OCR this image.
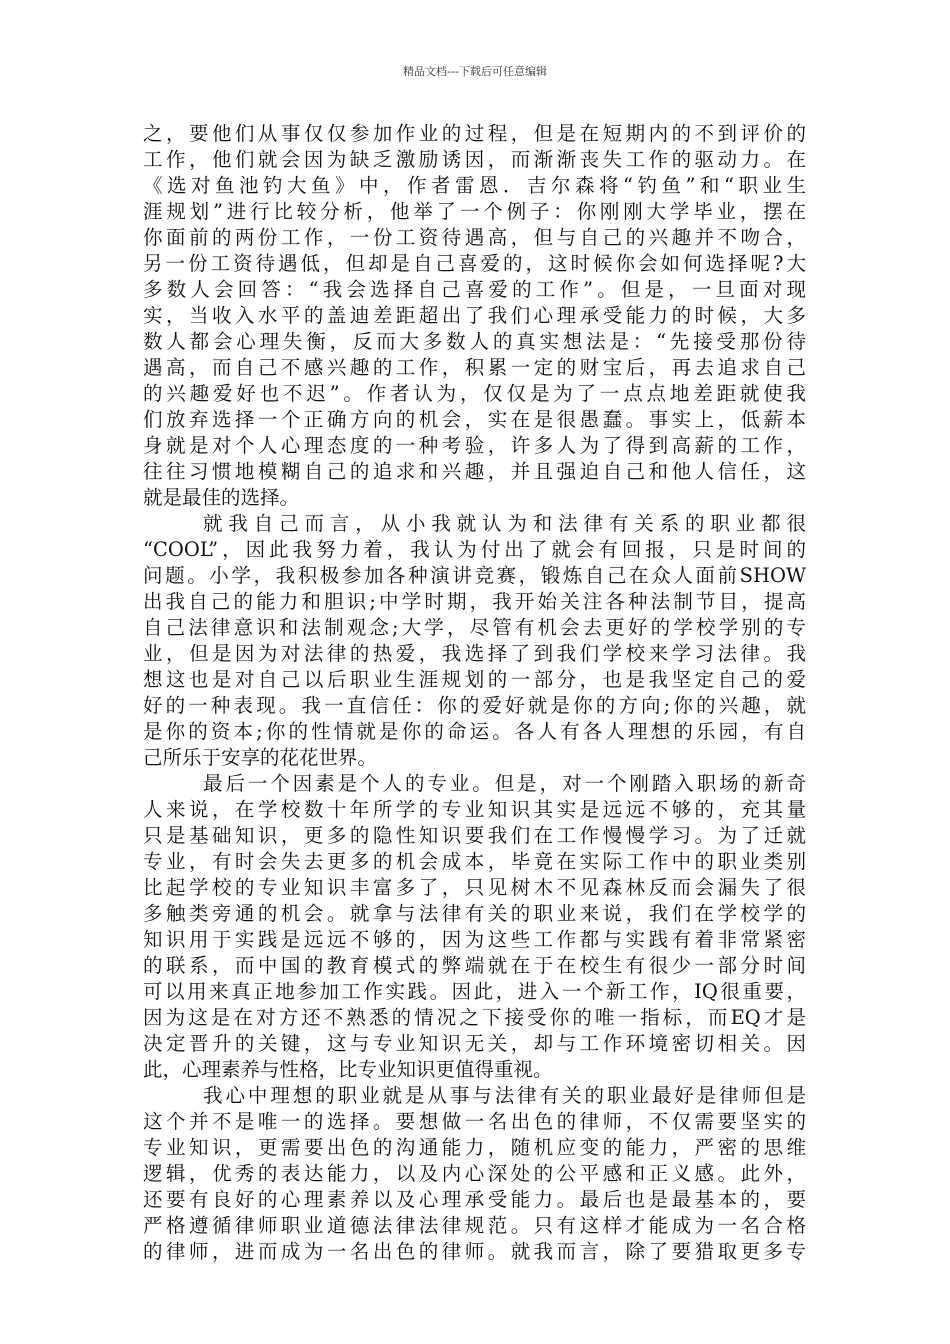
精品文档---下载后可任意编辑
之，要他们从事仅仅参加作业的过程，但是在短期内的不到评价的
工作，他们就会因为缺乏激励诱因，而渐渐丧失工作的驱动力。在
《选对鱼池钓大鱼》中，作者雷恩．吉尔森将“钓鱼”和“职业生
涯规划”进行比较分析，他举了一个例子：你刚刚大学毕业，摆在
你面前的两份工作，一份工资待遇高，但与自己的兴趣并不吻合，
另一份工资待遇低，但却是自己喜爱的，这时候你会如何选择呢?大
多数人会回答：“我会选择自己喜爱的工作”。但是，一旦面对现
实，当收入水平的盖迪差距超出了我们心理承受能力的时候，大多
数人都会心理失衡，反而大多数人的真实想法是：“先接受那份待
遇高，而自己不感兴趣的工作，积累一定的财宝后，再去追求自己
的兴趣爱好也不迟”。作者认为，仅仅是为了一点点地差距就使我
们放弃选择一个正确方向的机会，实在是很愚蠢。事实上，低薪本
身就是对个人心理态度的一种考验，许多人为了得到高薪的工作，
往往习惯地模糊自己的追求和兴趣，并且强迫自己和他人信任，这
就是最佳的选择。
就我自己而言，从小我就认为和法律有关系的职业都很
“COOL”，因此我努力着，我认为付出了就会有回报，只是时间的
问题。小学，我积极参加各种演讲竞赛，锻炼自己在众人面前SHOW
出我自己的能力和胆识;中学时期，我开始关注各种法制节目，提高
自己法律意识和法制观念;大学，尽管有机会去更好的学校学别的专
业，但是因为对法律的热爱，我选择了到我们学校来学习法律。我
想这也是对自己以后职业生涯规划的一部分，也是我坚定自己的爱
好的一种表现。我一直信任：你的爱好就是你的方向;你的兴趣，就
是你的资本;你的性情就是你的命运。各人有各人理想的乐园，有自
己所乐于安享的花花世界。
最后一个因素是个人的专业。但是，对一个刚踏入职场的新奇
人来说，在学校数十年所学的专业知识其实是远远不够的，充其量
只是基础知识，更多的隐性知识要我们在工作慢慢学习。为了迁就
专业，有时会失去更多的机会成本，毕竟在实际工作中的职业类别
比起学校的专业知识丰富多了，只见树木不见森林反而会漏失了很
多触类旁通的机会。就拿与法律有关的职业来说，我们在学校学的
知识用于实践是远远不够的，因为这些工作都与实践有着非常紧密
的联系，而中国的教育模式的弊端就在于在校生有很少一部分时间
可以用来真正地参加工作实践。因此，进入一个新工作，IQ很重要，
因为这是在对方还不熟悉的情况之下接受你的唯一指标，而EQ才是
决定晋升的关键，这与专业知识无关，却与工作环境密切相关。因
此，心理素养与性格，比专业知识更值得重视。
我心中理想的职业就是从事与法律有关的职业最好是律师但是
这个并不是唯一的选择。要想做一名出色的律师，不仅需要坚实的
专业知识，更需要出色的沟通能力，随机应变的能力，严密的思维
逻辑，优秀的表达能力，以及内心深处的公平感和正义感。此外，
还要有良好的心理素养以及心理承受能力。最后也是最基本的，要
严格遵循律师职业道德法律法律规范。只有这样才能成为一名合格
的律师，进而成为一名出色的律师。就我而言，除了要猎取更多专
